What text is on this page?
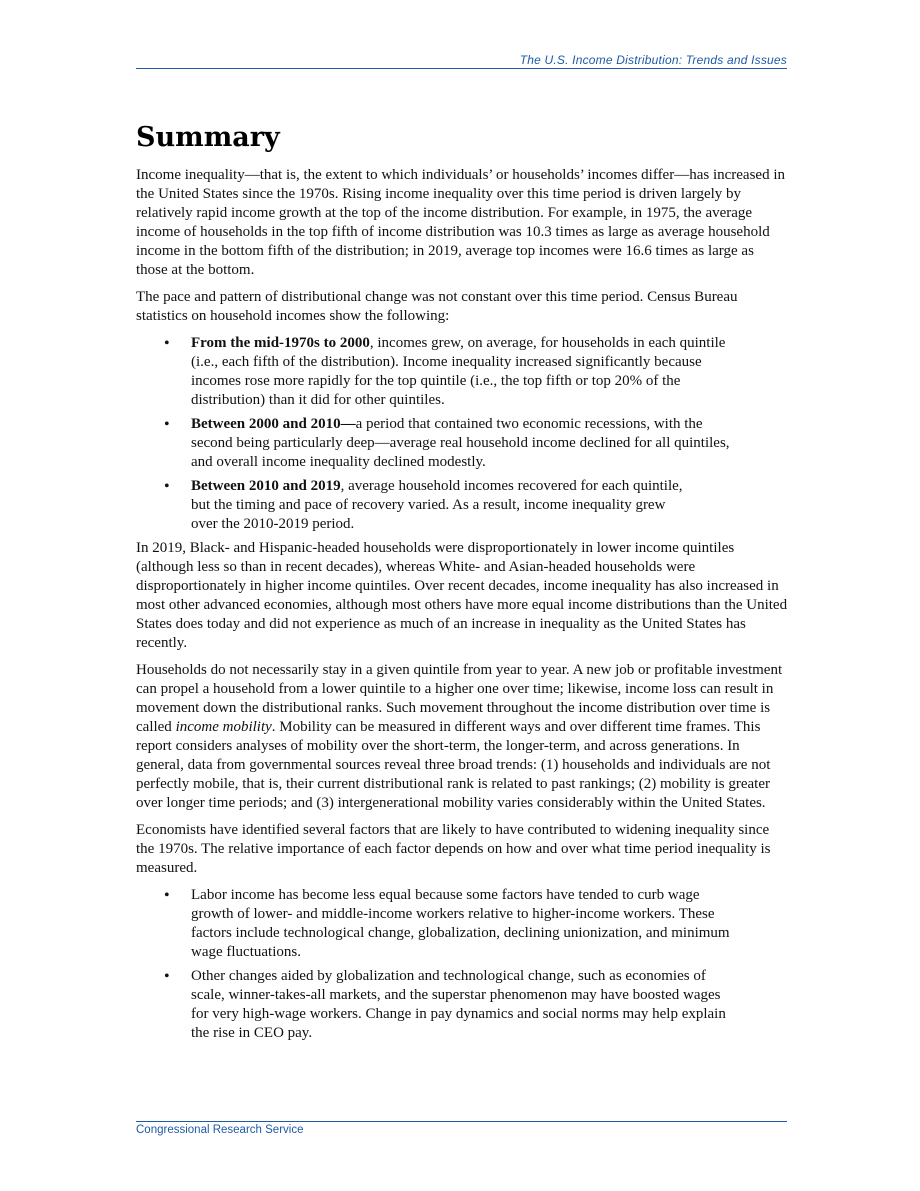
The U.S. Income Distribution: Trends and Issues
Summary

Income inequality—that is, the extent to which individuals’ or households’ incomes differ—has increased in the United States since the 1970s. Rising income inequality over this time period is driven largely by relatively rapid income growth at the top of the income distribution. For example, in 1975, the average income of households in the top fifth of income distribution was 10.3 times as large as average household income in the bottom fifth of the distribution; in 2019, average top incomes were 16.6 times as large as those at the bottom.

The pace and pattern of distributional change was not constant over this time period. Census Bureau statistics on household incomes show the following:

• From the mid-1970s to 2000, incomes grew, on average, for households in each quintile (i.e., each fifth of the distribution). Income inequality increased significantly because incomes rose more rapidly for the top quintile (i.e., the top fifth or top 20% of the distribution) than it did for other quintiles.
• Between 2000 and 2010—a period that contained two economic recessions, with the second being particularly deep—average real household income declined for all quintiles, and overall income inequality declined modestly.
• Between 2010 and 2019, average household incomes recovered for each quintile, but the timing and pace of recovery varied. As a result, income inequality grew over the 2010-2019 period.

In 2019, Black- and Hispanic-headed households were disproportionately in lower income quintiles (although less so than in recent decades), whereas White- and Asian-headed households were disproportionately in higher income quintiles. Over recent decades, income inequality has also increased in most other advanced economies, although most others have more equal income distributions than the United States does today and did not experience as much of an increase in inequality as the United States has recently.

Households do not necessarily stay in a given quintile from year to year. A new job or profitable investment can propel a household from a lower quintile to a higher one over time; likewise, income loss can result in movement down the distributional ranks. Such movement throughout the income distribution over time is called income mobility. Mobility can be measured in different ways and over different time frames. This report considers analyses of mobility over the short-term, the longer-term, and across generations. In general, data from governmental sources reveal three broad trends: (1) households and individuals are not perfectly mobile, that is, their current distributional rank is related to past rankings; (2) mobility is greater over longer time periods; and (3) intergenerational mobility varies considerably within the United States.

Economists have identified several factors that are likely to have contributed to widening inequality since the 1970s. The relative importance of each factor depends on how and over what time period inequality is measured.

• Labor income has become less equal because some factors have tended to curb wage growth of lower- and middle-income workers relative to higher-income workers. These factors include technological change, globalization, declining unionization, and minimum wage fluctuations.
• Other changes aided by globalization and technological change, such as economies of scale, winner-takes-all markets, and the superstar phenomenon may have boosted wages for very high-wage workers. Change in pay dynamics and social norms may help explain the rise in CEO pay.
Congressional Research Service
